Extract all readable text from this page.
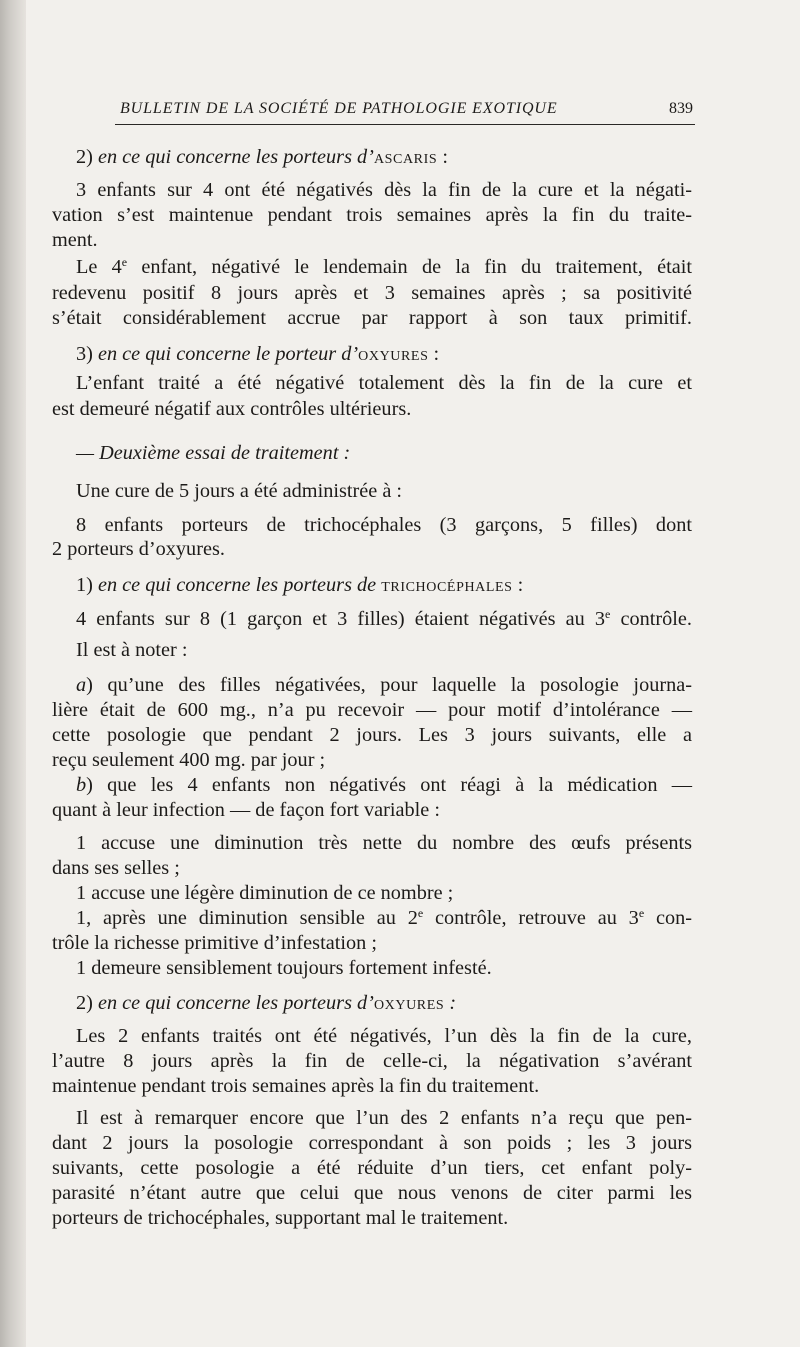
BULLETIN DE LA SOCIÉTÉ DE PATHOLOGIE EXOTIQUE	839
2) en ce qui concerne les porteurs d’ascaris :
3 enfants sur 4 ont été négativés dès la fin de la cure et la négati-
vation s’est maintenue pendant trois semaines après la fin du traite-
ment.
Le 4e enfant, négativé le lendemain de la fin du traitement, était
redevenu positif 8 jours après et 3 semaines après ; sa positivité
s’était considérablement accrue par rapport à son taux primitif.
3) en ce qui concerne le porteur d’oxyures :
L’enfant traité a été négativé totalement dès la fin de la cure et
est demeuré négatif aux contrôles ultérieurs.
— Deuxième essai de traitement :
Une cure de 5 jours a été administrée à :
8 enfants porteurs de trichocéphales (3 garçons, 5 filles) dont
2 porteurs d’oxyures.
1) en ce qui concerne les porteurs de trichocéphales :
4 enfants sur 8 (1 garçon et 3 filles) étaient négativés au 3e contrôle.
Il est à noter :
a) qu’une des filles négativées, pour laquelle la posologie journa-
lière était de 600 mg., n’a pu recevoir — pour motif d’intolérance —
cette posologie que pendant 2 jours. Les 3 jours suivants, elle a
reçu seulement 400 mg. par jour ;
b) que les 4 enfants non négativés ont réagi à la médication —
quant à leur infection — de façon fort variable :
1 accuse une diminution très nette du nombre des œufs présents
dans ses selles ;
1 accuse une légère diminution de ce nombre ;
1, après une diminution sensible au 2e contrôle, retrouve au 3e con-
trôle la richesse primitive d’infestation ;
1 demeure sensiblement toujours fortement infesté.
2) en ce qui concerne les porteurs d’oxyures :
Les 2 enfants traités ont été négativés, l’un dès la fin de la cure,
l’autre 8 jours après la fin de celle-ci, la négativation s’avérant
maintenue pendant trois semaines après la fin du traitement.
Il est à remarquer encore que l’un des 2 enfants n’a reçu que pen-
dant 2 jours la posologie correspondant à son poids ; les 3 jours
suivants, cette posologie a été réduite d’un tiers, cet enfant poly-
parasité n’étant autre que celui que nous venons de citer parmi les
porteurs de trichocéphales, supportant mal le traitement.
